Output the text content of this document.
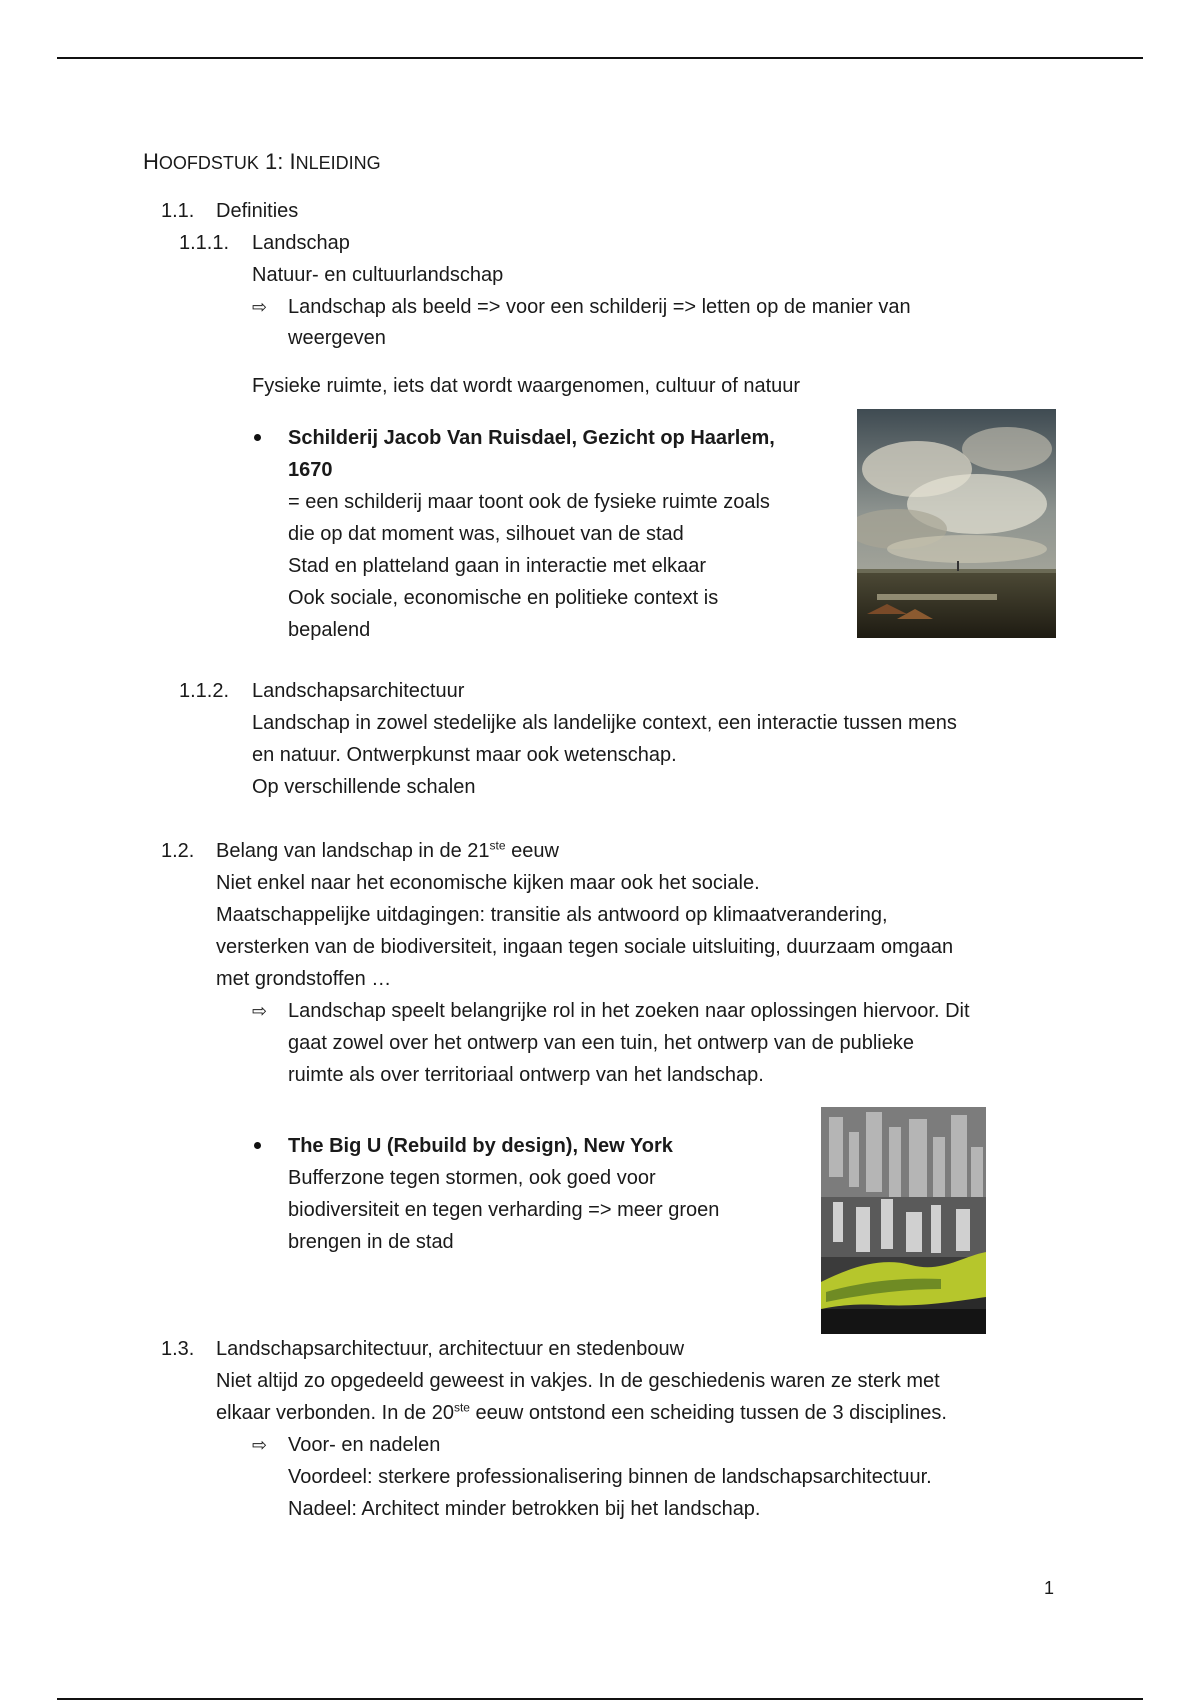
HOOFDSTUK 1: INLEIDING
1.1. Definities
1.1.1. Landschap
Natuur- en cultuurlandschap
⇨ Landschap als beeld => voor een schilderij => letten op de manier van
weergeven
Fysieke ruimte, iets dat wordt waargenomen, cultuur of natuur
Schilderij Jacob Van Ruisdael, Gezicht op Haarlem,
1670
= een schilderij maar toont ook de fysieke ruimte zoals
die op dat moment was, silhouet van de stad
Stad en platteland gaan in interactie met elkaar
Ook sociale, economische en politieke context is
bepalend
1.1.2. Landschapsarchitectuur
Landschap in zowel stedelijke als landelijke context, een interactie tussen mens
en natuur. Ontwerpkunst maar ook wetenschap.
Op verschillende schalen
1.2. Belang van landschap in de 21ste eeuw
Niet enkel naar het economische kijken maar ook het sociale.
Maatschappelijke uitdagingen: transitie als antwoord op klimaatverandering,
versterken van de biodiversiteit, ingaan tegen sociale uitsluiting, duurzaam omgaan
met grondstoffen …
⇨ Landschap speelt belangrijke rol in het zoeken naar oplossingen hiervoor. Dit
gaat zowel over het ontwerp van een tuin, het ontwerp van de publieke
ruimte als over territoriaal ontwerp van het landschap.
The Big U (Rebuild by design), New York
Bufferzone tegen stormen, ook goed voor
biodiversiteit en tegen verharding => meer groen
brengen in de stad
1.3. Landschapsarchitectuur, architectuur en stedenbouw
Niet altijd zo opgedeeld geweest in vakjes. In de geschiedenis waren ze sterk met
elkaar verbonden. In de 20ste eeuw ontstond een scheiding tussen de 3 disciplines.
⇨ Voor- en nadelen
Voordeel: sterkere professionalisering binnen de landschapsarchitectuur.
Nadeel: Architect minder betrokken bij het landschap.
1
